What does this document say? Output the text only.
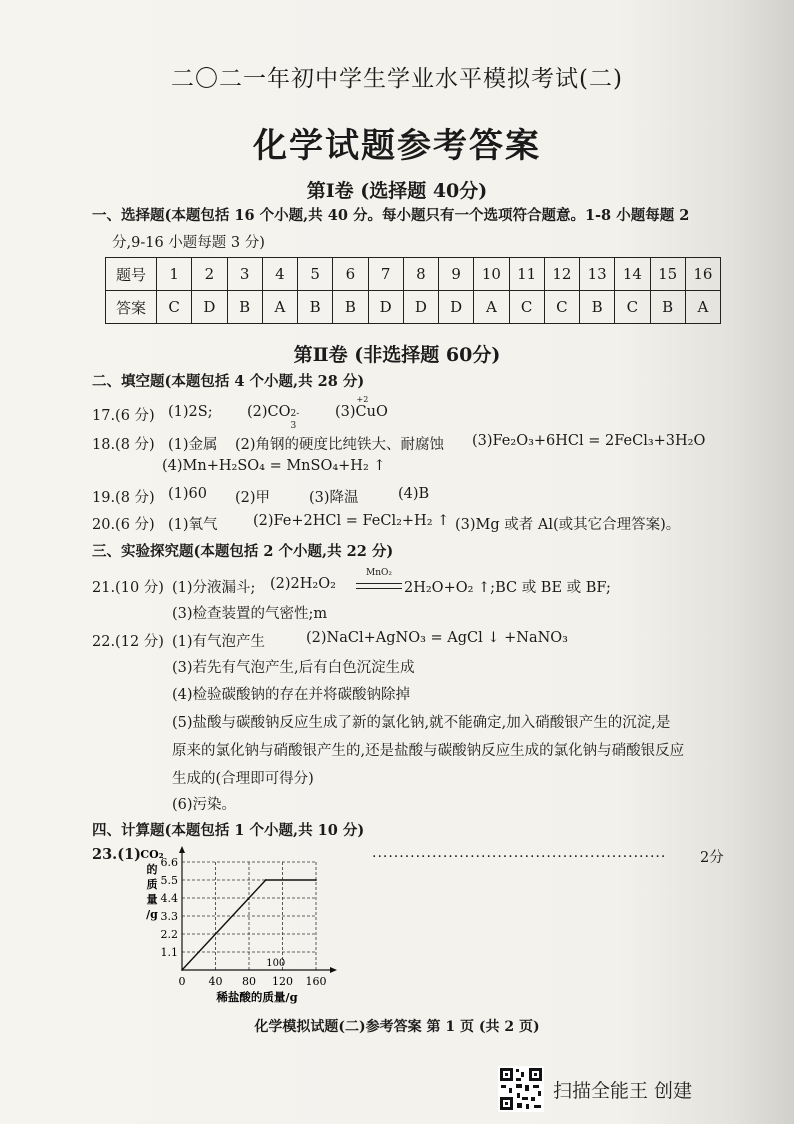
二〇二一年初中学生学业水平模拟考试(二)
化学试题参考答案
第Ⅰ卷 (选择题 40分)
一、选择题(本题包括 16 个小题,共 40 分。每小题只有一个选项符合题意。1-8 小题每题 2
分,9-16 小题每题 3 分)
题号	1	2	3	4	5	6	7	8	9	10	11	12	13	14	15	16
答案	C	D	B	A	B	B	D	D	D	A	C	C	B	C	B	A
第Ⅱ卷 (非选择题 60分)
二、填空题(本题包括 4 个小题,共 28 分)
17.(6 分) (1)2S; (2)CO 2-
3
(3)
+2
CuO
18.(8 分) (1)金属 (2)角钢的硬度比纯铁大、耐腐蚀 (3)Fe₂O₃+6HCl = 2FeCl₃+3H₂O
(4)Mn+H₂SO₄ = MnSO₄+H₂ ↑
19.(8 分) (1)60 (2)甲	(3)降温	(4)B
20.(6 分) (1)氧气 (2)Fe+2HCl = FeCl₂+H₂ ↑ (3)Mg 或者 Al(或其它合理答案)。
三、实验探究题(本题包括 2 个小题,共 22 分)
21.(10 分) (1)分液漏斗; (2)2H₂O₂
MnO₂
2H₂O+O₂ ↑;BC 或 BE 或 BF;
(3)检查装置的气密性;m
22.(12 分) (1)有气泡产生	(2)NaCl+AgNO₃ = AgCl ↓ +NaNO₃
(3)若先有气泡产生,后有白色沉淀生成
(4)检验碳酸钠的存在并将碳酸钠除掉
(5)盐酸与碳酸钠反应生成了新的氯化钠,就不能确定,加入硝酸银产生的沉淀,是
原来的氯化钠与硝酸银产生的,还是盐酸与碳酸钠反应生成的氯化钠与硝酸银反应
生成的(合理即可得分)
(6)污染。
四、计算题(本题包括 1 个小题,共 10 分)
23.(1)	...................................................... 2分
1.1
2.2
3.3
4.4
5.5
6.6
0 40 80 120 160
100
CO₂
的
质
量
/g
稀盐酸的质量/g
化学模拟试题(二)参考答案 第 1 页 (共 2 页)
扫描全能王 创建
